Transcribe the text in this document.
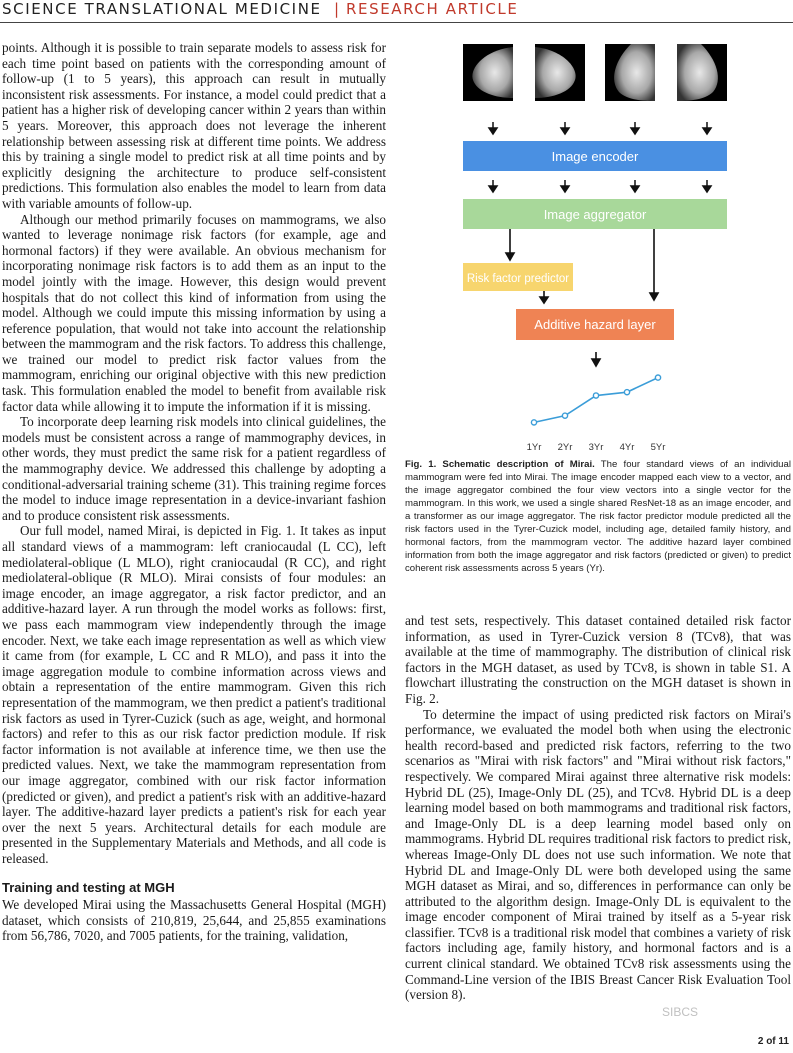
SCIENCE TRANSLATIONAL MEDICINE | RESEARCH ARTICLE

points. Although it is possible to train separate models to assess risk for each time point based on patients with the corresponding amount of follow-up (1 to 5 years), this approach can result in mutually inconsistent risk assessments. For instance, a model could predict that a patient has a higher risk of developing cancer within 2 years than within 5 years. Moreover, this approach does not leverage the inherent relationship between assessing risk at different time points. We address this by training a single model to predict risk at all time points and by explicitly designing the architecture to produce self-consistent predictions. This formulation also enables the model to learn from data with variable amounts of follow-up.

Although our method primarily focuses on mammograms, we also wanted to leverage nonimage risk factors (for example, age and hormonal factors) if they were available. An obvious mechanism for incorporating nonimage risk factors is to add them as an input to the model jointly with the image. However, this design would prevent hospitals that do not collect this kind of information from using the model. Although we could impute this missing information by using a reference population, that would not take into account the relationship between the mammogram and the risk factors. To address this challenge, we trained our model to predict risk factor values from the mammogram, enriching our original objective with this new prediction task. This formulation enabled the model to benefit from available risk factor data while allowing it to impute the information if it is missing.

To incorporate deep learning risk models into clinical guidelines, the models must be consistent across a range of mammography devices, in other words, they must predict the same risk for a patient regardless of the mammography device. We addressed this challenge by adopting a conditional-adversarial training scheme (31). This training regime forces the model to induce image representation in a device-invariant fashion and to produce consistent risk assessments.

Our full model, named Mirai, is depicted in Fig. 1. It takes as input all standard views of a mammogram: left craniocaudal (L CC), left mediolateral-oblique (L MLO), right craniocaudal (R CC), and right mediolateral-oblique (R MLO). Mirai consists of four modules: an image encoder, an image aggregator, a risk factor predictor, and an additive-hazard layer. A run through the model works as follows: first, we pass each mammogram view independently through the image encoder. Next, we take each image representation as well as which view it came from (for example, L CC and R MLO), and pass it into the image aggregation module to combine information across views and obtain a representation of the entire mammogram. Given this rich representation of the mammogram, we then predict a patient's traditional risk factors as used in Tyrer-Cuzick (such as age, weight, and hormonal factors) and refer to this as our risk factor prediction module. If risk factor information is not available at inference time, we then use the predicted values. Next, we take the mammogram representation from our image aggregator, combined with our risk factor information (predicted or given), and predict a patient's risk with an additive-hazard layer. The additive-hazard layer predicts a patient's risk for each year over the next 5 years. Architectural details for each module are presented in the Supplementary Materials and Methods, and all code is released.

Training and testing at MGH

We developed Mirai using the Massachusetts General Hospital (MGH) dataset, which consists of 210,819, 25,644, and 25,855 examinations from 56,786, 7020, and 7005 patients, for the training, validation,

Image encoder
Image aggregator
Risk factor predictor
Additive hazard layer
1Yr 2Yr 3Yr 4Yr 5Yr
Fig. 1. Schematic description of Mirai. The four standard views of an individual mammogram were fed into Mirai. The image encoder mapped each view to a vector, and the image aggregator combined the four view vectors into a single vector for the mammogram. In this work, we used a single shared ResNet-18 as an image encoder, and a transformer as our image aggregator. The risk factor predictor module predicted all the risk factors used in the Tyrer-Cuzick model, including age, detailed family history, and hormonal factors, from the mammogram vector. The additive hazard layer combined information from both the image aggregator and risk factors (predicted or given) to predict coherent risk assessments across 5 years (Yr).

and test sets, respectively. This dataset contained detailed risk factor information, as used in Tyrer-Cuzick version 8 (TCv8), that was available at the time of mammography. The distribution of clinical risk factors in the MGH dataset, as used by TCv8, is shown in table S1. A flowchart illustrating the construction on the MGH dataset is shown in Fig. 2.

To determine the impact of using predicted risk factors on Mirai's performance, we evaluated the model both when using the electronic health record-based and predicted risk factors, referring to the two scenarios as "Mirai with risk factors" and "Mirai without risk factors," respectively. We compared Mirai against three alternative risk models: Hybrid DL (25), Image-Only DL (25), and TCv8. Hybrid DL is a deep learning model based on both mammograms and traditional risk factors, and Image-Only DL is a deep learning model based only on mammograms. Hybrid DL requires traditional risk factors to predict risk, whereas Image-Only DL does not use such information. We note that Hybrid DL and Image-Only DL were both developed using the same MGH dataset as Mirai, and so, differences in performance can only be attributed to the algorithm design. Image-Only DL is equivalent to the image encoder component of Mirai trained by itself as a 5-year risk classifier. TCv8 is a traditional risk model that combines a variety of risk factors including age, family history, and hormonal factors and is a current clinical standard. We obtained TCv8 risk assessments using the Command-Line version of the IBIS Breast Cancer Risk Evaluation Tool (version 8).

SIBCS
2 of 11
